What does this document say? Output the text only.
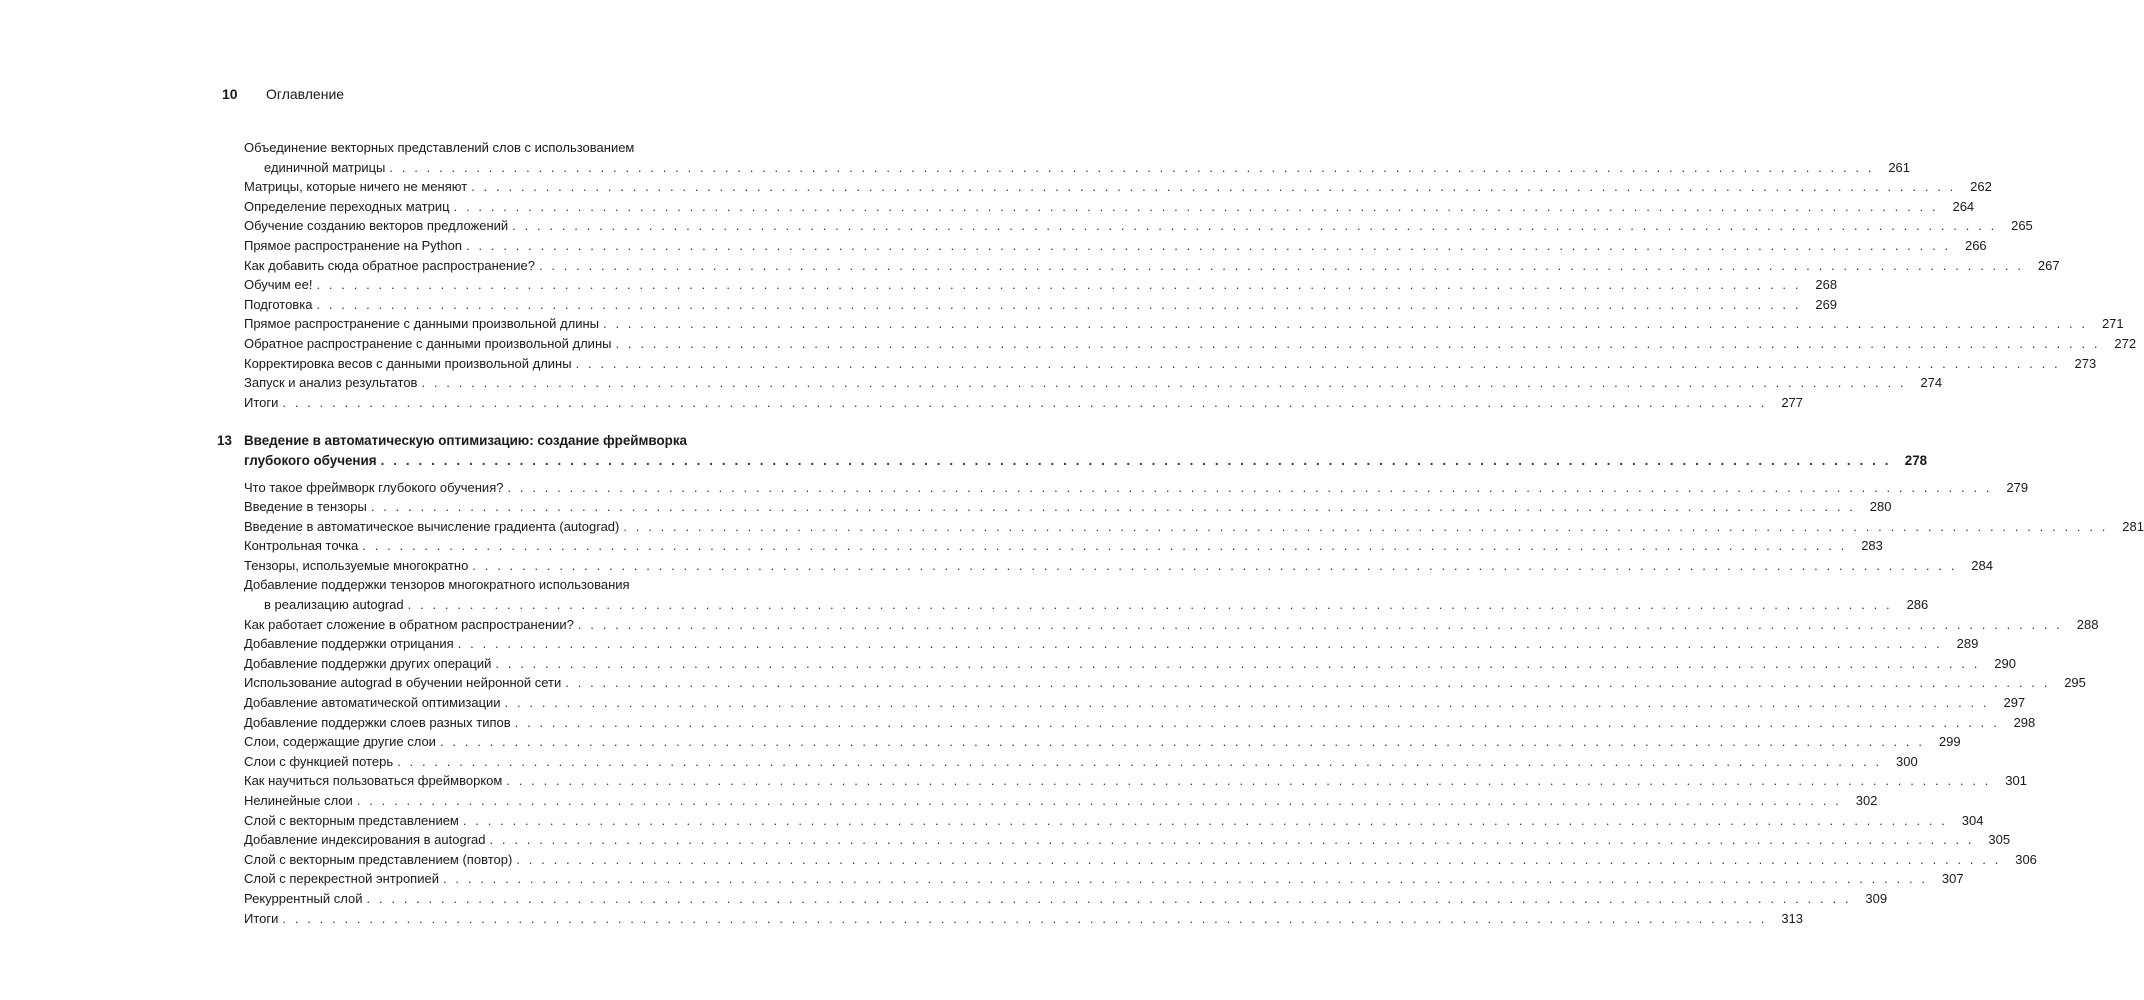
10	Оглавление
Объединение векторных представлений слов с использованием
единичной матрицы . . . . . . . . . . . . . . . . . . . . . . . . . . . . . . . . . . . . . . . . . . . . . . . . . . . . . . . . . . . . . . . . . . . . . . . . . . . . . . . . . . . . . . . . . . . . . . . . . . . . . . . . . . . . . . . . . . . . . . . .	261
Матрицы, которые ничего не меняют . . . . . . . . . . . . . . . . . . . . . . . . . . . . . . . . . . . . . . . . . . . . . . . . . . . . . . . . . . . . . . . . . . . . . . . . . . . . . . . . . . . . . . . . . . . . . . . . . . . . . . . . . . . . . . . . . . . . . . . .	262
Определение переходных матриц . . . . . . . . . . . . . . . . . . . . . . . . . . . . . . . . . . . . . . . . . . . . . . . . . . . . . . . . . . . . . . . . . . . . . . . . . . . . . . . . . . . . . . . . . . . . . . . . . . . . . . . . . . . . . . . . . . . . . . . .	264
Обучение созданию векторов предложений . . . . . . . . . . . . . . . . . . . . . . . . . . . . . . . . . . . . . . . . . . . . . . . . . . . . . . . . . . . . . . . . . . . . . . . . . . . . . . . . . . . . . . . . . . . . . . . . . . . . . . . . . . . . . . . . . . . . . . . .	265
Прямое распространение на Python . . . . . . . . . . . . . . . . . . . . . . . . . . . . . . . . . . . . . . . . . . . . . . . . . . . . . . . . . . . . . . . . . . . . . . . . . . . . . . . . . . . . . . . . . . . . . . . . . . . . . . . . . . . . . . . . . . . . . . . .	266
Как добавить сюда обратное распространение? . . . . . . . . . . . . . . . . . . . . . . . . . . . . . . . . . . . . . . . . . . . . . . . . . . . . . . . . . . . . . . . . . . . . . . . . . . . . . . . . . . . . . . . . . . . . . . . . . . . . . . . . . . . . . . . . . . . . . . . .	267
Обучим ее! . . . . . . . . . . . . . . . . . . . . . . . . . . . . . . . . . . . . . . . . . . . . . . . . . . . . . . . . . . . . . . . . . . . . . . . . . . . . . . . . . . . . . . . . . . . . . . . . . . . . . . . . . . . . . . . . . . . . . . . .	268
Подготовка . . . . . . . . . . . . . . . . . . . . . . . . . . . . . . . . . . . . . . . . . . . . . . . . . . . . . . . . . . . . . . . . . . . . . . . . . . . . . . . . . . . . . . . . . . . . . . . . . . . . . . . . . . . . . . . . . . . . . . . .	269
Прямое распространение с данными произвольной длины . . . . . . . . . . . . . . . . . . . . . . . . . . . . . . . . . . . . . . . . . . . . . . . . . . . . . . . . . . . . . . . . . . . . . . . . . . . . . . . . . . . . . . . . . . . . . . . . . . . . . . . . . . . . . . . . . . . . . . . .	271
Обратное распространение с данными произвольной длины . . . . . . . . . . . . . . . . . . . . . . . . . . . . . . . . . . . . . . . . . . . . . . . . . . . . . . . . . . . . . . . . . . . . . . . . . . . . . . . . . . . . . . . . . . . . . . . . . . . . . . . . . . . . . . . . . . . . . . . .	272
Корректировка весов с данными произвольной длины . . . . . . . . . . . . . . . . . . . . . . . . . . . . . . . . . . . . . . . . . . . . . . . . . . . . . . . . . . . . . . . . . . . . . . . . . . . . . . . . . . . . . . . . . . . . . . . . . . . . . . . . . . . . . . . . . . . . . . . .	273
Запуск и анализ результатов . . . . . . . . . . . . . . . . . . . . . . . . . . . . . . . . . . . . . . . . . . . . . . . . . . . . . . . . . . . . . . . . . . . . . . . . . . . . . . . . . . . . . . . . . . . . . . . . . . . . . . . . . . . . . . . . . . . . . . . .	274
Итоги . . . . . . . . . . . . . . . . . . . . . . . . . . . . . . . . . . . . . . . . . . . . . . . . . . . . . . . . . . . . . . . . . . . . . . . . . . . . . . . . . . . . . . . . . . . . . . . . . . . . . . . . . . . . . . . . . . . . . . . .	277
13 Введение в автоматическую оптимизацию: создание фреймворка
глубокого обучения . . . . . . . . . . . . . . . . . . . . . . . . . . . . . . . . . . . . . . . . . . . . . . . . . . . . . . . . . . . . . . . . . . . . . . . . . . . . . . . . . . . . . . . . . . . . . . . . . . . . . . . . . . . . . . . . . . . . . . . .	278
Что такое фреймворк глубокого обучения? . . . . . . . . . . . . . . . . . . . . . . . . . . . . . . . . . . . . . . . . . . . . . . . . . . . . . . . . . . . . . . . . . . . . . . . . . . . . . . . . . . . . . . . . . . . . . . . . . . . . . . . . . . . . . . . . . . . . . . . .	279
Введение в тензоры . . . . . . . . . . . . . . . . . . . . . . . . . . . . . . . . . . . . . . . . . . . . . . . . . . . . . . . . . . . . . . . . . . . . . . . . . . . . . . . . . . . . . . . . . . . . . . . . . . . . . . . . . . . . . . . . . . . . . . . .	280
Введение в автоматическое вычисление градиента (autograd) . . . . . . . . . . . . . . . . . . . . . . . . . . . . . . . . . . . . . . . . . . . . . . . . . . . . . . . . . . . . . . . . . . . . . . . . . . . . . . . . . . . . . . . . . . . . . . . . . . . . . . . . . . . . . . . . . . . . . . . .	281
Контрольная точка . . . . . . . . . . . . . . . . . . . . . . . . . . . . . . . . . . . . . . . . . . . . . . . . . . . . . . . . . . . . . . . . . . . . . . . . . . . . . . . . . . . . . . . . . . . . . . . . . . . . . . . . . . . . . . . . . . . . . . . .	283
Тензоры, используемые многократно . . . . . . . . . . . . . . . . . . . . . . . . . . . . . . . . . . . . . . . . . . . . . . . . . . . . . . . . . . . . . . . . . . . . . . . . . . . . . . . . . . . . . . . . . . . . . . . . . . . . . . . . . . . . . . . . . . . . . . . .	284
Добавление поддержки тензоров многократного использования
в реализацию autograd . . . . . . . . . . . . . . . . . . . . . . . . . . . . . . . . . . . . . . . . . . . . . . . . . . . . . . . . . . . . . . . . . . . . . . . . . . . . . . . . . . . . . . . . . . . . . . . . . . . . . . . . . . . . . . . . . . . . . . . .	286
Как работает сложение в обратном распространении? . . . . . . . . . . . . . . . . . . . . . . . . . . . . . . . . . . . . . . . . . . . . . . . . . . . . . . . . . . . . . . . . . . . . . . . . . . . . . . . . . . . . . . . . . . . . . . . . . . . . . . . . . . . . . . . . . . . . . . . .	288
Добавление поддержки отрицания . . . . . . . . . . . . . . . . . . . . . . . . . . . . . . . . . . . . . . . . . . . . . . . . . . . . . . . . . . . . . . . . . . . . . . . . . . . . . . . . . . . . . . . . . . . . . . . . . . . . . . . . . . . . . . . . . . . . . . . .	289
Добавление поддержки других операций . . . . . . . . . . . . . . . . . . . . . . . . . . . . . . . . . . . . . . . . . . . . . . . . . . . . . . . . . . . . . . . . . . . . . . . . . . . . . . . . . . . . . . . . . . . . . . . . . . . . . . . . . . . . . . . . . . . . . . . .	290
Использование autograd в обучении нейронной сети . . . . . . . . . . . . . . . . . . . . . . . . . . . . . . . . . . . . . . . . . . . . . . . . . . . . . . . . . . . . . . . . . . . . . . . . . . . . . . . . . . . . . . . . . . . . . . . . . . . . . . . . . . . . . . . . . . . . . . . .	295
Добавление автоматической оптимизации . . . . . . . . . . . . . . . . . . . . . . . . . . . . . . . . . . . . . . . . . . . . . . . . . . . . . . . . . . . . . . . . . . . . . . . . . . . . . . . . . . . . . . . . . . . . . . . . . . . . . . . . . . . . . . . . . . . . . . . .	297
Добавление поддержки слоев разных типов . . . . . . . . . . . . . . . . . . . . . . . . . . . . . . . . . . . . . . . . . . . . . . . . . . . . . . . . . . . . . . . . . . . . . . . . . . . . . . . . . . . . . . . . . . . . . . . . . . . . . . . . . . . . . . . . . . . . . . . .	298
Слои, содержащие другие слои . . . . . . . . . . . . . . . . . . . . . . . . . . . . . . . . . . . . . . . . . . . . . . . . . . . . . . . . . . . . . . . . . . . . . . . . . . . . . . . . . . . . . . . . . . . . . . . . . . . . . . . . . . . . . . . . . . . . . . . .	299
Слои с функцией потерь . . . . . . . . . . . . . . . . . . . . . . . . . . . . . . . . . . . . . . . . . . . . . . . . . . . . . . . . . . . . . . . . . . . . . . . . . . . . . . . . . . . . . . . . . . . . . . . . . . . . . . . . . . . . . . . . . . . . . . . .	300
Как научиться пользоваться фреймворком . . . . . . . . . . . . . . . . . . . . . . . . . . . . . . . . . . . . . . . . . . . . . . . . . . . . . . . . . . . . . . . . . . . . . . . . . . . . . . . . . . . . . . . . . . . . . . . . . . . . . . . . . . . . . . . . . . . . . . . .	301
Нелинейные слои . . . . . . . . . . . . . . . . . . . . . . . . . . . . . . . . . . . . . . . . . . . . . . . . . . . . . . . . . . . . . . . . . . . . . . . . . . . . . . . . . . . . . . . . . . . . . . . . . . . . . . . . . . . . . . . . . . . . . . . .	302
Слой с векторным представлением . . . . . . . . . . . . . . . . . . . . . . . . . . . . . . . . . . . . . . . . . . . . . . . . . . . . . . . . . . . . . . . . . . . . . . . . . . . . . . . . . . . . . . . . . . . . . . . . . . . . . . . . . . . . . . . . . . . . . . . .	304
Добавление индексирования в autograd . . . . . . . . . . . . . . . . . . . . . . . . . . . . . . . . . . . . . . . . . . . . . . . . . . . . . . . . . . . . . . . . . . . . . . . . . . . . . . . . . . . . . . . . . . . . . . . . . . . . . . . . . . . . . . . . . . . . . . . .	305
Слой с векторным представлением (повтор) . . . . . . . . . . . . . . . . . . . . . . . . . . . . . . . . . . . . . . . . . . . . . . . . . . . . . . . . . . . . . . . . . . . . . . . . . . . . . . . . . . . . . . . . . . . . . . . . . . . . . . . . . . . . . . . . . . . . . . . .	306
Слой с перекрестной энтропией . . . . . . . . . . . . . . . . . . . . . . . . . . . . . . . . . . . . . . . . . . . . . . . . . . . . . . . . . . . . . . . . . . . . . . . . . . . . . . . . . . . . . . . . . . . . . . . . . . . . . . . . . . . . . . . . . . . . . . . .	307
Рекуррентный слой . . . . . . . . . . . . . . . . . . . . . . . . . . . . . . . . . . . . . . . . . . . . . . . . . . . . . . . . . . . . . . . . . . . . . . . . . . . . . . . . . . . . . . . . . . . . . . . . . . . . . . . . . . . . . . . . . . . . . . . .	309
Итоги . . . . . . . . . . . . . . . . . . . . . . . . . . . . . . . . . . . . . . . . . . . . . . . . . . . . . . . . . . . . . . . . . . . . . . . . . . . . . . . . . . . . . . . . . . . . . . . . . . . . . . . . . . . . . . . . . . . . . . . .	313
